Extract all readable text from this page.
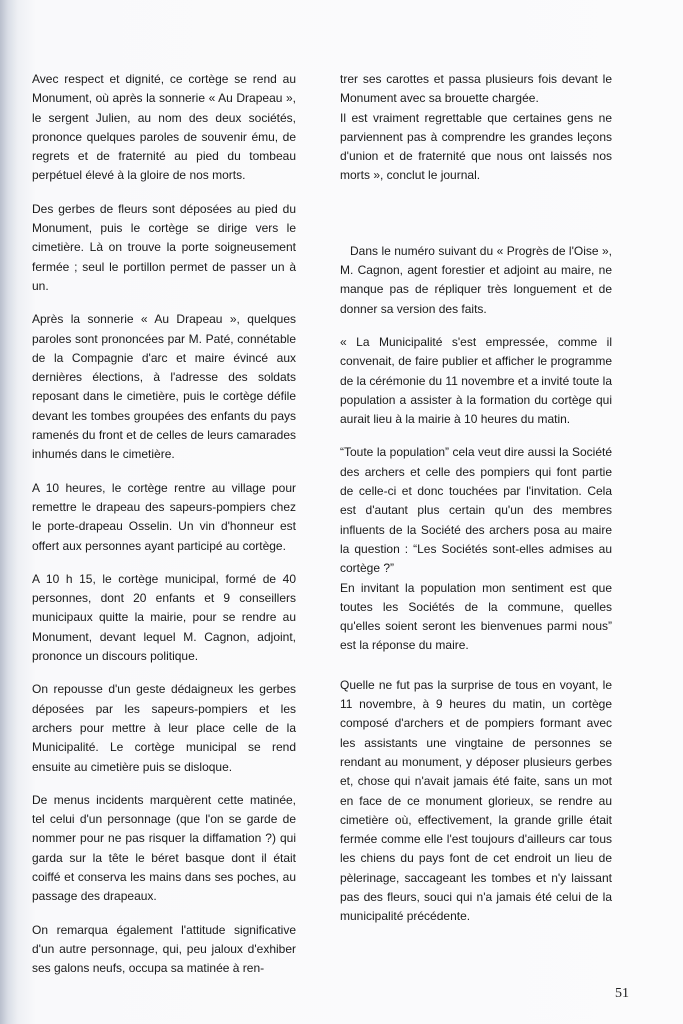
Avec respect et dignité, ce cortège se rend au Monument, où après la sonnerie « Au Drapeau », le sergent Julien, au nom des deux sociétés, prononce quelques paroles de souvenir ému, de regrets et de fraternité au pied du tombeau perpétuel élevé à la gloire de nos morts.

Des gerbes de fleurs sont déposées au pied du Monument, puis le cortège se dirige vers le cimetière. Là on trouve la porte soigneusement fermée ; seul le portillon permet de passer un à un.

Après la sonnerie « Au Drapeau », quelques paroles sont prononcées par M. Paté, connétable de la Compagnie d'arc et maire évincé aux dernières élections, à l'adresse des soldats reposant dans le cimetière, puis le cortège défile devant les tombes groupées des enfants du pays ramenés du front et de celles de leurs camarades inhumés dans le cimetière.

A 10 heures, le cortège rentre au village pour remettre le drapeau des sapeurs-pompiers chez le porte-drapeau Osselin. Un vin d'honneur est offert aux personnes ayant participé au cortège.

A 10 h 15, le cortège municipal, formé de 40 personnes, dont 20 enfants et 9 conseillers municipaux quitte la mairie, pour se rendre au Monument, devant lequel M. Cagnon, adjoint, prononce un discours politique.

On repousse d'un geste dédaigneux les gerbes déposées par les sapeurs-pompiers et les archers pour mettre à leur place celle de la Municipalité. Le cortège municipal se rend ensuite au cimetière puis se disloque.

De menus incidents marquèrent cette matinée, tel celui d'un personnage (que l'on se garde de nommer pour ne pas risquer la diffamation ?) qui garda sur la tête le béret basque dont il était coiffé et conserva les mains dans ses poches, au passage des drapeaux.

On remarqua également l'attitude significative d'un autre personnage, qui, peu jaloux d'exhiber ses galons neufs, occupa sa matinée à ren-

trer ses carottes et passa plusieurs fois devant le Monument avec sa brouette chargée.
Il est vraiment regrettable que certaines gens ne parviennent pas à comprendre les grandes leçons d'union et de fraternité que nous ont laissés nos morts », conclut le journal.

Dans le numéro suivant du « Progrès de l'Oise », M. Cagnon, agent forestier et adjoint au maire, ne manque pas de répliquer très longuement et de donner sa version des faits.

« La Municipalité s'est empressée, comme il convenait, de faire publier et afficher le programme de la cérémonie du 11 novembre et a invité toute la population a assister à la formation du cortège qui aurait lieu à la mairie à 10 heures du matin.

“Toute la population” cela veut dire aussi la Société des archers et celle des pompiers qui font partie de celle-ci et donc touchées par l'invitation. Cela est d'autant plus certain qu'un des membres influents de la Société des archers posa au maire la question : “Les Sociétés sont-elles admises au cortège ?”
En invitant la population mon sentiment est que toutes les Sociétés de la commune, quelles qu'elles soient seront les bienvenues parmi nous” est la réponse du maire.

Quelle ne fut pas la surprise de tous en voyant, le 11 novembre, à 9 heures du matin, un cortège composé d'archers et de pompiers formant avec les assistants une vingtaine de personnes se rendant au monument, y déposer plusieurs gerbes et, chose qui n'avait jamais été faite, sans un mot en face de ce monument glorieux, se rendre au cimetière où, effectivement, la grande grille était fermée comme elle l'est toujours d'ailleurs car tous les chiens du pays font de cet endroit un lieu de pèlerinage, saccageant les tombes et n'y laissant pas des fleurs, souci qui n'a jamais été celui de la municipalité précédente.

51
